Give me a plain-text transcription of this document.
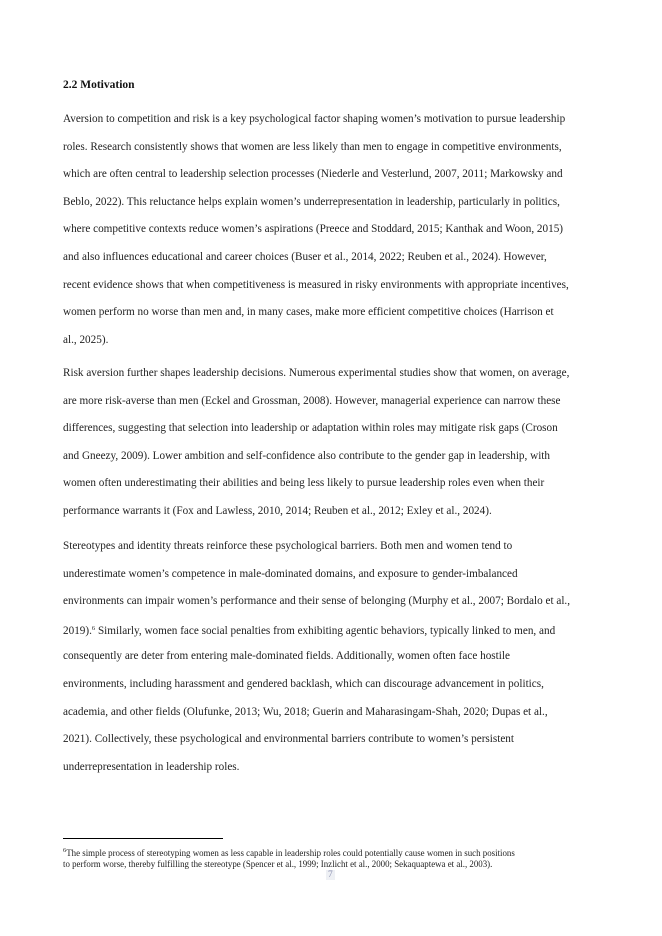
2.2 Motivation
Aversion to competition and risk is a key psychological factor shaping women’s motivation to pursue leadership
roles. Research consistently shows that women are less likely than men to engage in competitive environments,
which are often central to leadership selection processes (Niederle and Vesterlund, 2007, 2011; Markowsky and
Beblo, 2022). This reluctance helps explain women’s underrepresentation in leadership, particularly in politics,
where competitive contexts reduce women’s aspirations (Preece and Stoddard, 2015; Kanthak and Woon, 2015)
and also influences educational and career choices (Buser et al., 2014, 2022; Reuben et al., 2024). However,
recent evidence shows that when competitiveness is measured in risky environments with appropriate incentives,
women perform no worse than men and, in many cases, make more efficient competitive choices (Harrison et
al., 2025).
Risk aversion further shapes leadership decisions. Numerous experimental studies show that women, on average,
are more risk-averse than men (Eckel and Grossman, 2008). However, managerial experience can narrow these
differences, suggesting that selection into leadership or adaptation within roles may mitigate risk gaps (Croson
and Gneezy, 2009). Lower ambition and self-confidence also contribute to the gender gap in leadership, with
women often underestimating their abilities and being less likely to pursue leadership roles even when their
performance warrants it (Fox and Lawless, 2010, 2014; Reuben et al., 2012; Exley et al., 2024).
Stereotypes and identity threats reinforce these psychological barriers. Both men and women tend to
underestimate women’s competence in male-dominated domains, and exposure to gender-imbalanced
environments can impair women’s performance and their sense of belonging (Murphy et al., 2007; Bordalo et al.,
2019).$^6$ Similarly, women face social penalties from exhibiting agentic behaviors, typically linked to men, and
consequently are deter from entering male-dominated fields. Additionally, women often face hostile
environments, including harassment and gendered backlash, which can discourage advancement in politics,
academia, and other fields (Olufunke, 2013; Wu, 2018; Guerin and Maharasingam-Shah, 2020; Dupas et al.,
2021). Collectively, these psychological and environmental barriers contribute to women’s persistent
underrepresentation in leadership roles.
$^6$The simple process of stereotyping women as less capable in leadership roles could potentially cause women in such positions
to perform worse, thereby fulfilling the stereotype (Spencer et al., 1999; Inzlicht et al., 2000; Sekaquaptewa et al., 2003).
7
